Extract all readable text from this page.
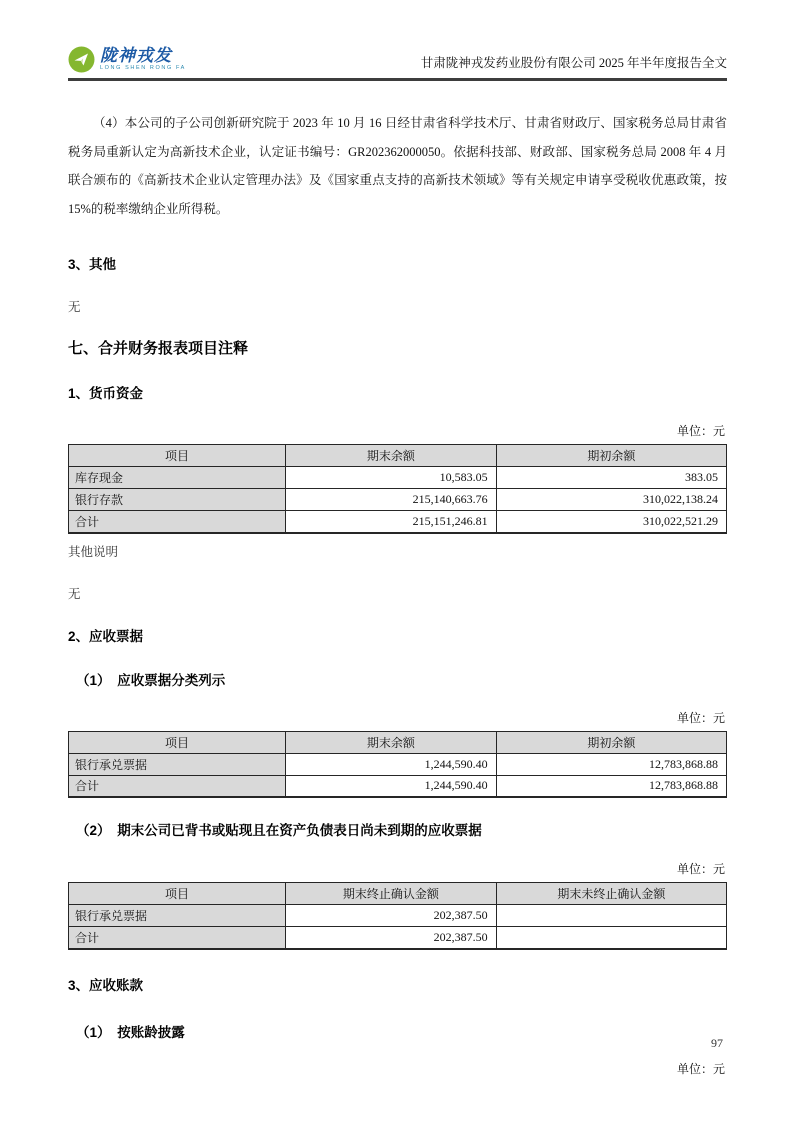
陇神戎发
LONG SHEN RONG FA	甘肃陇神戎发药业股份有限公司 2025 年半年度报告全文

（4）本公司的子公司创新研究院于 2023 年 10 月 16 日经甘肃省科学技术厅、甘肃省财政厅、国家税务总局甘肃省税务局重新认定为高新技术企业，认定证书编号：GR202362000050。依据科技部、财政部、国家税务总局 2008 年 4 月联合颁布的《高新技术企业认定管理办法》及《国家重点支持的高新技术领域》等有关规定申请享受税收优惠政策，按15%的税率缴纳企业所得税。

3、其他

无

七、合并财务报表项目注释
1、货币资金
单位：元
项目	期末余额	期初余额
库存现金	10,583.05	383.05
银行存款	215,140,663.76	310,022,138.24
合计	215,151,246.81	310,022,521.29

其他说明

无

2、应收票据
（1）　应收票据分类列示
单位：元
项目	期末余额	期初余额
银行承兑票据	1,244,590.40	12,783,868.88
合计	1,244,590.40	12,783,868.88
（2）　期末公司已背书或贴现且在资产负债表日尚未到期的应收票据
单位：元
项目	期末终止确认金额	期末未终止确认金额
银行承兑票据	202,387.50	
合计	202,387.50	
3、应收账款
（1）　按账龄披露
单位：元
97
